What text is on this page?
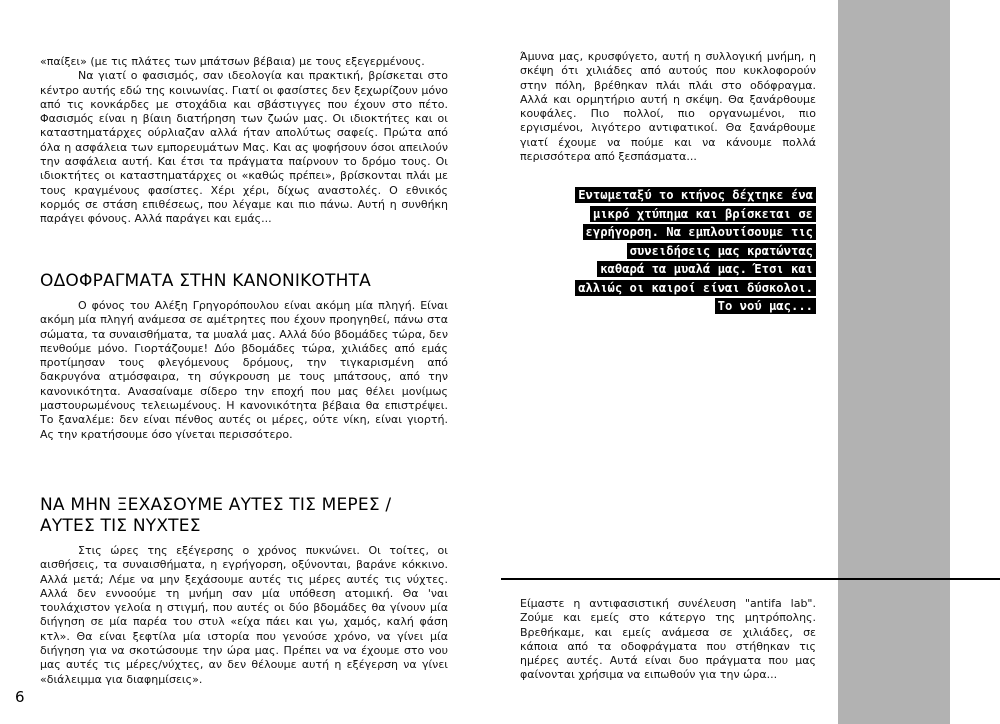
«παίξει» (με τις πλάτες των μπάτσων βέβαια) με τους εξεγερμένους.

Να γιατί ο φασισμός, σαν ιδεολογία και πρακτική, βρίσκεται στο κέντρο αυτής εδώ της κοινωνίας. Γιατί οι φασίστες δεν ξεχωρίζουν μόνο από τις κονκάρδες με στοχάδια και σβάστιγγες που έχουν στο πέτο. Φασισμός είναι η βίαιη διατήρηση των ζωών μας. Οι ιδιοκτήτες και οι καταστηματάρχες ούρλιαζαν αλλά ήταν απολύτως σαφείς. Πρώτα από όλα η ασφάλεια των εμπορευμάτων Μας. Και ας ψοφήσουν όσοι απειλούν την ασφάλεια αυτή. Και έτσι τα πράγματα παίρνουν το δρόμο τους. Οι ιδιοκτήτες οι καταστηματάρχες οι «καθώς πρέπει», βρίσκονται πλάι με τους κραγμένους φασίστες. Χέρι χέρι, δίχως αναστολές. Ο εθνικός κορμός σε στάση επιθέσεως, που λέγαμε και πιο πάνω. Αυτή η συνθήκη παράγει φόνους. Αλλά παράγει και εμάς...

ΟΔΟΦΡΑΓΜΑΤΑ ΣΤΗΝ ΚΑΝΟΝΙΚΟΤΗΤΑ

Ο φόνος του Αλέξη Γρηγορόπουλου είναι ακόμη μία πληγή. Είναι ακόμη μία πληγή ανάμεσα σε αμέτρητες που έχουν προηγηθεί, πάνω στα σώματα, τα συναισθήματα, τα μυαλά μας. Αλλά δύο βδομάδες τώρα, δεν πενθούμε μόνο. Γιορτάζουμε! Δύο βδομάδες τώρα, χιλιάδες από εμάς προτίμησαν τους φλεγόμενους δρόμους, την τιγκαρισμένη από δακρυγόνα ατμόσφαιρα, τη σύγκρουση με τους μπάτσους, από την κανονικότητα. Ανασαίναμε σίδερο την εποχή που μας θέλει μονίμως μαστουρωμένους τελειωμένους. Η κανονικότητα βέβαια θα επιστρέψει. Το ξαναλέμε: δεν είναι πένθος αυτές οι μέρες, ούτε νίκη, είναι γιορτή. Ας την κρατήσουμε όσο γίνεται περισσότερο.

ΝΑ ΜΗΝ ΞΕΧΑΣΟΥΜΕ ΑΥΤΕΣ ΤΙΣ ΜΕΡΕΣ / ΑΥΤΕΣ ΤΙΣ ΝΥΧΤΕΣ

Στις ώρες της εξέγερσης ο χρόνος πυκνώνει. Οι τοίτες, οι αισθήσεις, τα συναισθήματα, η εγρήγορση, οξύνονται, βαράνε κόκκινο. Αλλά μετά; Λέμε να μην ξεχάσουμε αυτές τις μέρες αυτές τις νύχτες. Αλλά δεν εννοούμε τη μνήμη σαν μία υπόθεση ατομική. Θα 'ναι τουλάχιστον γελοία η στιγμή, που αυτές οι δύο βδομάδες θα γίνουν μία διήγηση σε μία παρέα του στυλ «είχα πάει και γω, χαμός, καλή φάση κτλ». Θα είναι ξεφτίλα μία ιστορία που γενούσε χρόνο, να γίνει μία διήγηση για να σκοτώσουμε την ώρα μας. Πρέπει να να έχουμε στο νου μας αυτές τις μέρες/νύχτες, αν δεν θέλουμε αυτή η εξέγερση να γίνει «διάλειμμα για διαφημίσεις».

Άμυνα μας, κρυσφύγετο, αυτή η συλλογική μνήμη, η σκέψη ότι χιλιάδες από αυτούς που κυκλοφορούν στην πόλη, βρέθηκαν πλάι πλάι στο οδόφραγμα. Αλλά και ορμητήριο αυτή η σκέψη. Θα ξανάρθουμε κουφάλες. Πιο πολλοί, πιο οργανωμένοι, πιο εργισμένοι, λιγότερο αντιφατικοί. Θα ξανάρθουμε γιατί έχουμε να πούμε και να κάνουμε πολλά περισσότερα από ξεσπάσματα...

Εντωμεταξύ το κτήνος δέχτηκε ένα
μικρό χτύπημα και βρίσκεται σε
εγρήγορση. Να εμπλουτίσουμε τις
συνειδήσεις μας κρατώντας
καθαρά τα μυαλά μας. Έτσι και
αλλιώς οι καιροί είναι δύσκολοι.
Το νού μας...

Είμαστε η αντιφασιστική συνέλευση "antifa lab". Ζούμε και εμείς στο κάτεργο της μητρόπολης. Βρεθήκαμε, και εμείς ανάμεσα σε χιλιάδες, σε κάποια από τα οδοφράγματα που στήθηκαν τις ημέρες αυτές. Αυτά είναι δυο πράγματα που μας φαίνονται χρήσιμα να ειπωθούν για την ώρα...

6
